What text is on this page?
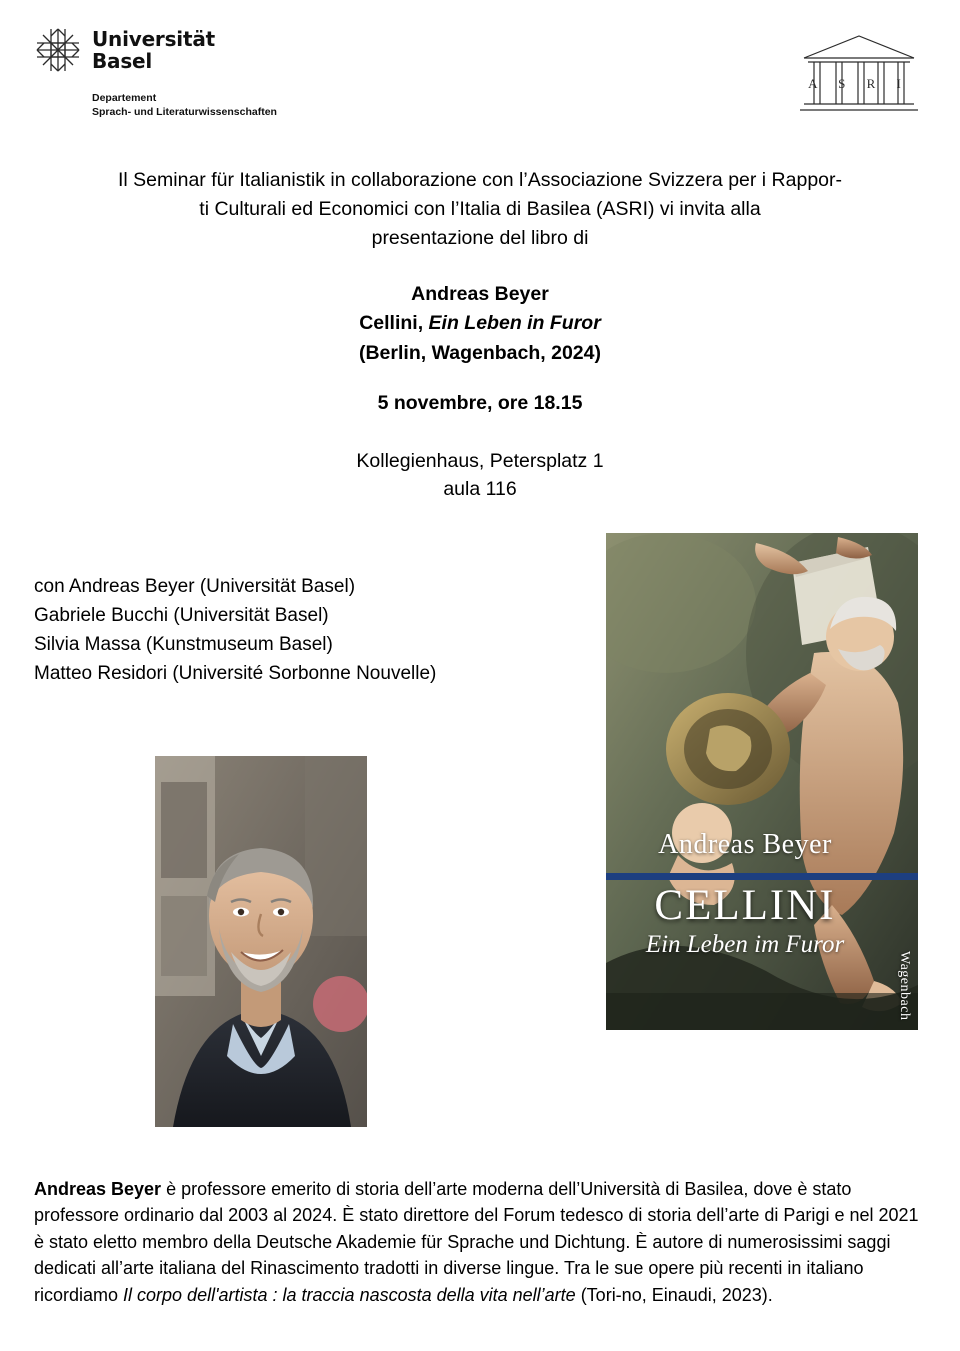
Universität
Basel
Departement
Sprach- und Literaturwissenschaften
A S R I

Il Seminar für Italianistik in collaborazione con l’Associazione Svizzera per i Rappor-

ti Culturali ed Economici con l’Italia di Basilea (ASRI) vi invita alla

presentazione del libro di

Andreas Beyer
Cellini, Ein Leben in Furor
(Berlin, Wagenbach, 2024)
5 novembre, ore 18.15

Kollegienhaus, Petersplatz 1

aula 116

con Andreas Beyer (Universität Basel)

Gabriele Bucchi (Universität Basel)

Silvia Massa (Kunstmuseum Basel)

Matteo Residori (Université Sorbonne Nouvelle)

Andreas Beyer
CELLINI
Ein Leben im Furor
Wagenbach
Andreas Beyer è professore emerito di storia dell’arte moderna dell’Università di Basilea, dove è stato professore ordinario dal 2003 al 2024. È stato direttore del Forum tedesco di storia dell’arte di Parigi e nel 2021 è stato eletto membro della Deutsche Akademie für Sprache und Dichtung. È autore di numerosissimi saggi dedicati all’arte italiana del Rinascimento tradotti in diverse lingue. Tra le sue opere più recenti in italiano ricordiamo Il corpo dell'artista : la traccia nascosta della vita nell’arte (Tori-no, Einaudi, 2023).
